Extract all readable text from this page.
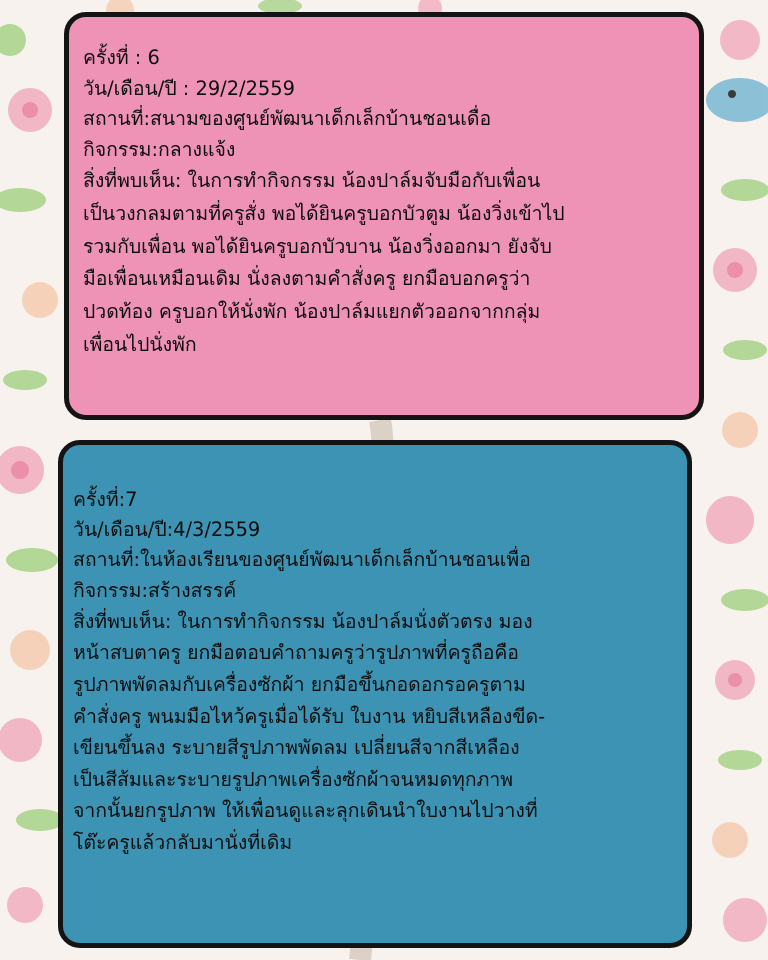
ครั้งที่ : 6
วัน/เดือน/ปี : 29/2/2559
สถานที่:สนามของศูนย์พัฒนาเด็กเล็กบ้านชอนเดื่อ
กิจกรรม:กลางแจ้ง
สิ่งที่พบเห็น: ในการทำกิจกรรม น้องปาล์มจับมือกับเพื่อน
เป็นวงกลมตามที่ครูสั่ง พอได้ยินครูบอกบัวตูม น้องวิ่งเข้าไป
รวมกับเพื่อน พอได้ยินครูบอกบัวบาน น้องวิ่งออกมา ยังจับ
มือเพื่อนเหมือนเดิม นั่งลงตามคำสั่งครู ยกมือบอกครูว่า
ปวดท้อง ครูบอกให้นั่งพัก น้องปาล์มแยกตัวออกจากกลุ่ม
เพื่อนไปนั่งพัก
ครั้งที่:7
วัน/เดือน/ปี:4/3/2559
สถานที่:ในห้องเรียนของศูนย์พัฒนาเด็กเล็กบ้านชอนเพื่อ
กิจกรรม:สร้างสรรค์
สิ่งที่พบเห็น: ในการทำกิจกรรม น้องปาล์มนั่งตัวตรง มอง
หน้าสบตาครู ยกมือตอบคำถามครูว่ารูปภาพที่ครูถือคือ
รูปภาพพัดลมกับเครื่องซักผ้า ยกมือขึ้นกอดอกรอครูตาม
คำสั่งครู พนมมือไหว้ครูเมื่อได้รับ ใบงาน หยิบสีเหลืองขีด-
เขียนขึ้นลง ระบายสีรูปภาพพัดลม เปลี่ยนสีจากสีเหลือง
เป็นสีส้มและระบายรูปภาพเครื่องซักผ้าจนหมดทุกภาพ
จากนั้นยกรูปภาพ ให้เพื่อนดูและลุกเดินนำใบงานไปวางที่
โต๊ะครูแล้วกลับมานั่งที่เดิม
